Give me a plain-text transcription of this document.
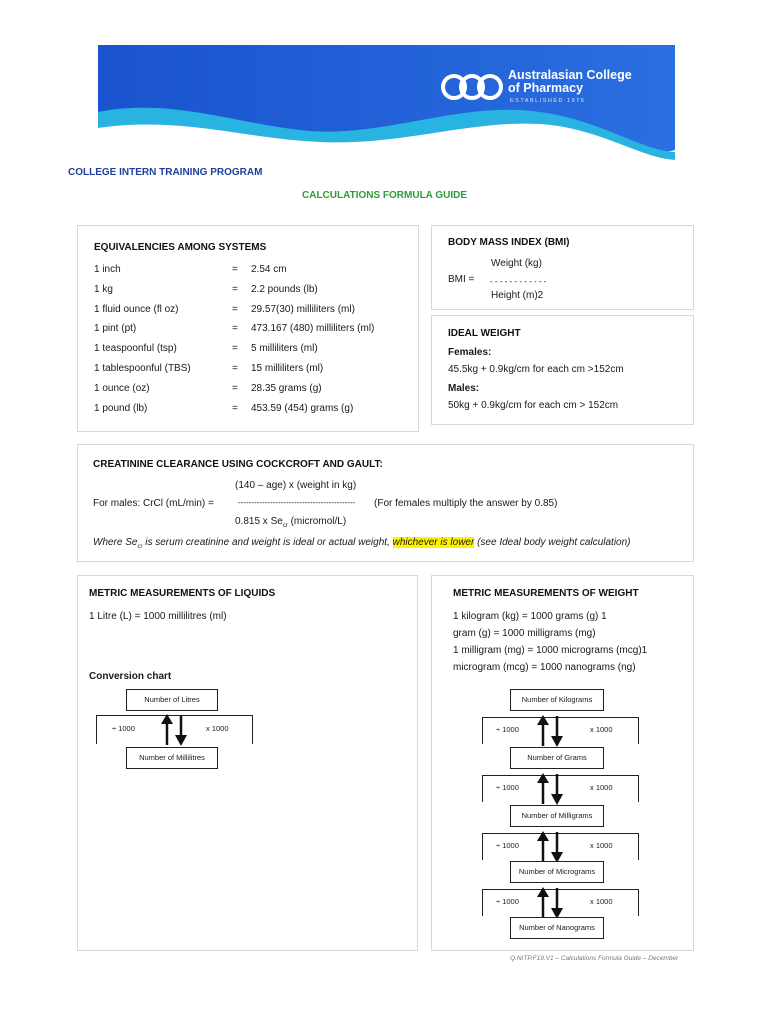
Australasian College
of Pharmacy
ESTABLISHED 1976
COLLEGE INTERN TRAINING PROGRAM
CALCULATIONS FORMULA GUIDE
EQUIVALENCIES AMONG SYSTEMS
1 inch	= 2.54 cm
1 kg	= 2.2 pounds (lb)
1 fluid ounce (fl oz)	= 29.57(30) milliliters (ml)
1 pint (pt)	= 473.167 (480) milliliters (ml)
1 teaspoonful (tsp)	= 5 milliliters (ml)
1 tablespoonful (TBS)	= 15 milliliters (ml)
1 ounce (oz)	= 28.35 grams (g)
1 pound (lb)	= 453.59 (454) grams (g)
BODY MASS INDEX (BMI)
Weight (kg)
BMI = - - - - - - - - - - - -
Height (m)2
IDEAL WEIGHT
Females:
45.5kg + 0.9kg/cm for each cm >152cm
Males:
50kg + 0.9kg/cm for each cm > 152cm
CREATININE CLEARANCE USING COCKCROFT AND GAULT:
(140 – age) x (weight in kg)
For males: CrCl (mL/min) =	-------------------------------------------- (For females multiply the answer by 0.85)
0.815 x $Se_{cr}$ (micromol/L)
Where $Se_{cr}$ is serum creatinine and weight is ideal or actual weight, whichever is lower (see Ideal body weight calculation)
METRIC MEASUREMENTS OF LIQUIDS
1 Litre (L) = 1000 millilitres (ml)
Conversion chart
Number of Litres
÷ 1000	x 1000
Number of Millilitres
METRIC MEASUREMENTS OF WEIGHT
1 kilogram (kg) = 1000 grams (g) 1
gram (g) = 1000 milligrams (mg)
1 milligram (mg) = 1000 micrograms (mcg)1
microgram (mcg) = 1000 nanograms (ng)
Number of Kilograms
÷ 1000	x 1000
Number of Grams
÷ 1000	x 1000
Number of Milligrams
÷ 1000	x 1000
Number of Micrograms
÷ 1000	x 1000
Number of Nanograms
Q.NITP.F19.V1 – Calculations Formula Guide – December
